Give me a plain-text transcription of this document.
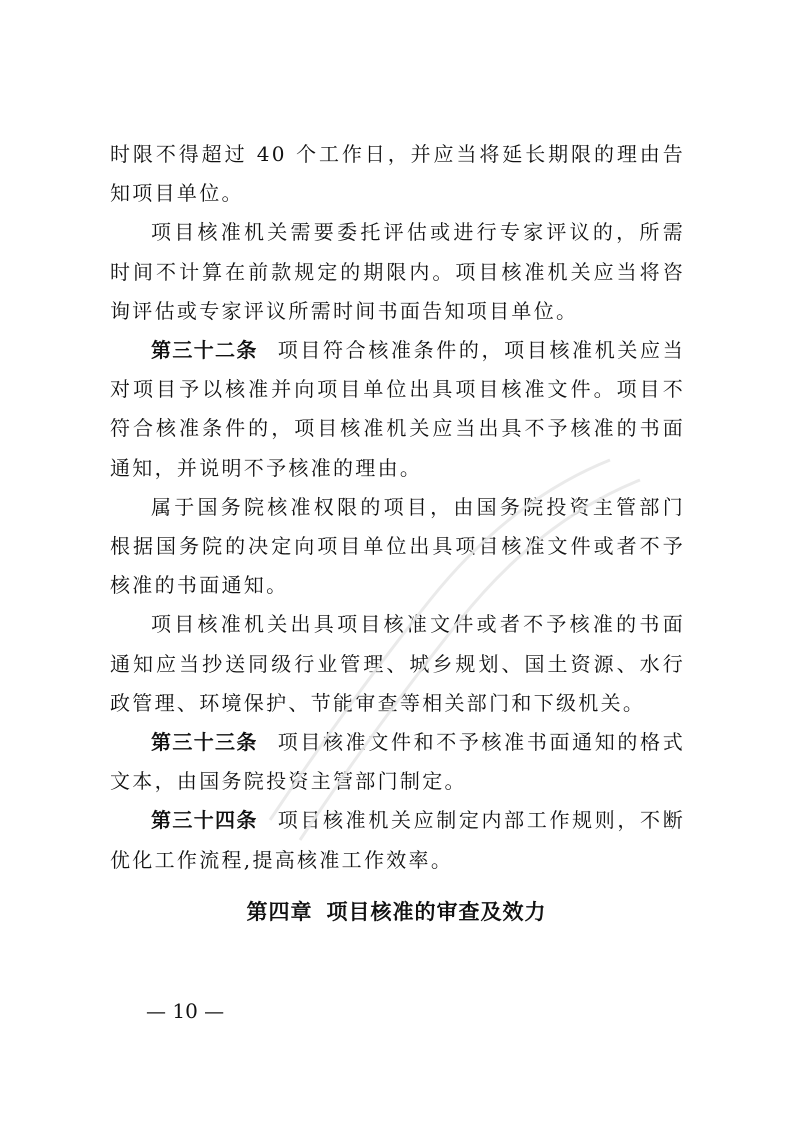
时限不得超过 40 个工作日，并应当将延长期限的理由告知项目单位。

项目核准机关需要委托评估或进行专家评议的，所需时间不计算在前款规定的期限内。项目核准机关应当将咨询评估或专家评议所需时间书面告知项目单位。

第三十二条 项目符合核准条件的，项目核准机关应当对项目予以核准并向项目单位出具项目核准文件。项目不符合核准条件的，项目核准机关应当出具不予核准的书面通知，并说明不予核准的理由。

属于国务院核准权限的项目，由国务院投资主管部门根据国务院的决定向项目单位出具项目核准文件或者不予核准的书面通知。

项目核准机关出具项目核准文件或者不予核准的书面通知应当抄送同级行业管理、城乡规划、国土资源、水行政管理、环境保护、节能审查等相关部门和下级机关。

第三十三条 项目核准文件和不予核准书面通知的格式文本，由国务院投资主管部门制定。

第三十四条 项目核准机关应制定内部工作规则，不断优化工作流程,提高核准工作效率。

第四章 项目核准的审查及效力
— 10 —
